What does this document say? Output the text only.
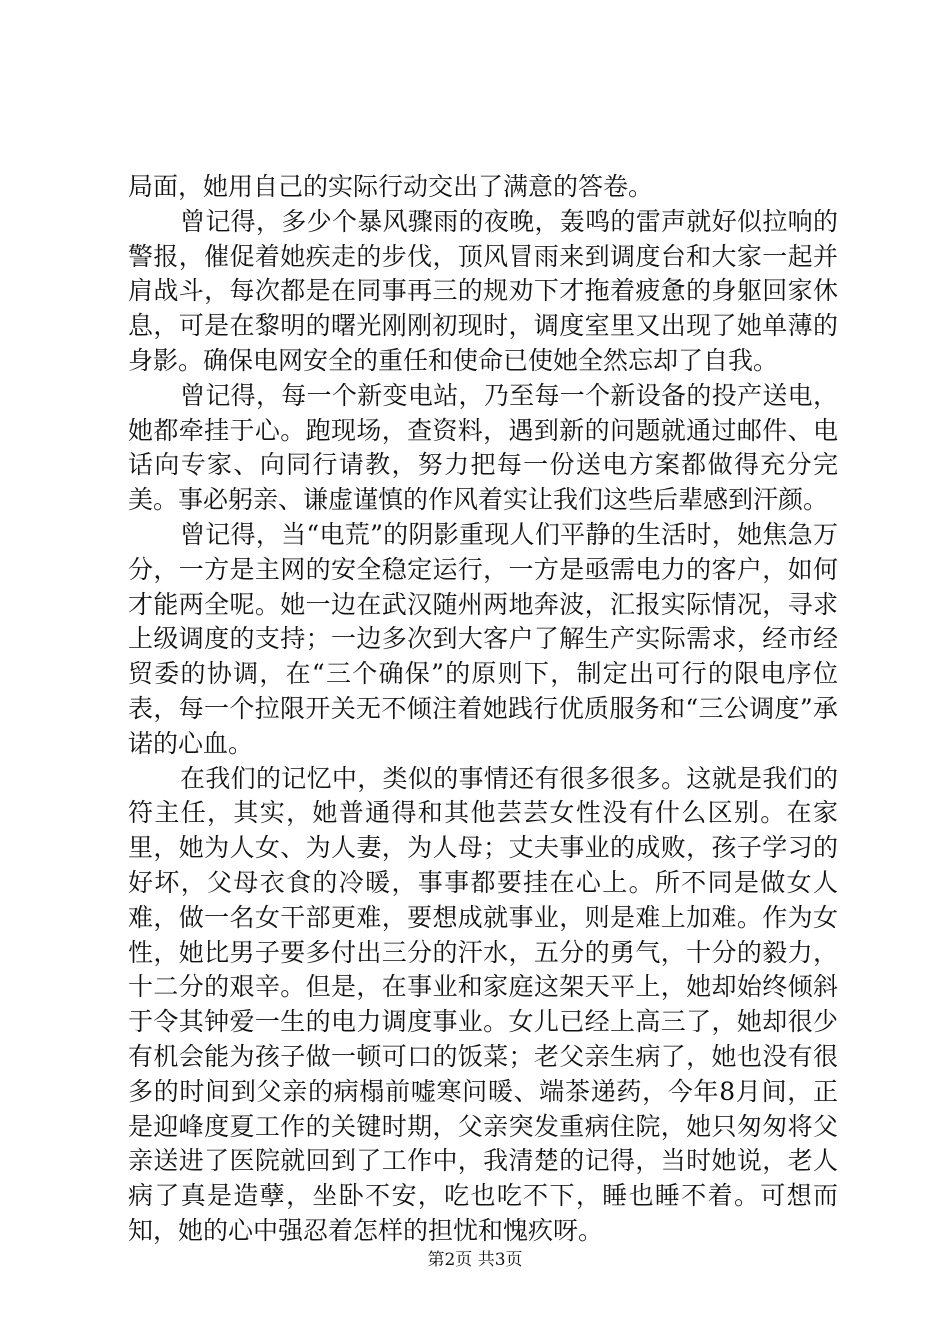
局面，她用自己的实际行动交出了满意的答卷。

曾记得，多少个暴风骤雨的夜晚，轰鸣的雷声就好似拉响的警报，催促着她疾走的步伐，顶风冒雨来到调度台和大家一起并肩战斗，每次都是在同事再三的规劝下才拖着疲惫的身躯回家休息，可是在黎明的曙光刚刚初现时，调度室里又出现了她单薄的身影。确保电网安全的重任和使命已使她全然忘却了自我。

曾记得，每一个新变电站，乃至每一个新设备的投产送电，她都牵挂于心。跑现场，查资料，遇到新的问题就通过邮件、电话向专家、向同行请教，努力把每一份送电方案都做得充分完美。事必躬亲、谦虚谨慎的作风着实让我们这些后辈感到汗颜。

曾记得，当“电荒”的阴影重现人们平静的生活时，她焦急万分，一方是主网的安全稳定运行，一方是亟需电力的客户，如何才能两全呢。她一边在武汉随州两地奔波，汇报实际情况，寻求上级调度的支持；一边多次到大客户了解生产实际需求，经市经贸委的协调，在“三个确保”的原则下，制定出可行的限电序位表，每一个拉限开关无不倾注着她践行优质服务和“三公调度”承诺的心血。

在我们的记忆中，类似的事情还有很多很多。这就是我们的符主任，其实，她普通得和其他芸芸女性没有什么区别。在家里，她为人女、为人妻，为人母；丈夫事业的成败，孩子学习的好坏，父母衣食的冷暖，事事都要挂在心上。所不同是做女人难，做一名女干部更难，要想成就事业，则是难上加难。作为女性，她比男子要多付出三分的汗水，五分的勇气，十分的毅力，十二分的艰辛。但是，在事业和家庭这架天平上，她却始终倾斜于令其钟爱一生的电力调度事业。女儿已经上高三了，她却很少有机会能为孩子做一顿可口的饭菜；老父亲生病了，她也没有很多的时间到父亲的病榻前嘘寒问暖、端茶递药，今年8月间，正是迎峰度夏工作的关键时期，父亲突发重病住院，她只匆匆将父亲送进了医院就回到了工作中，我清楚的记得，当时她说，老人病了真是造孽，坐卧不安，吃也吃不下，睡也睡不着。可想而知，她的心中强忍着怎样的担忧和愧疚呀。

第2页 共3页
